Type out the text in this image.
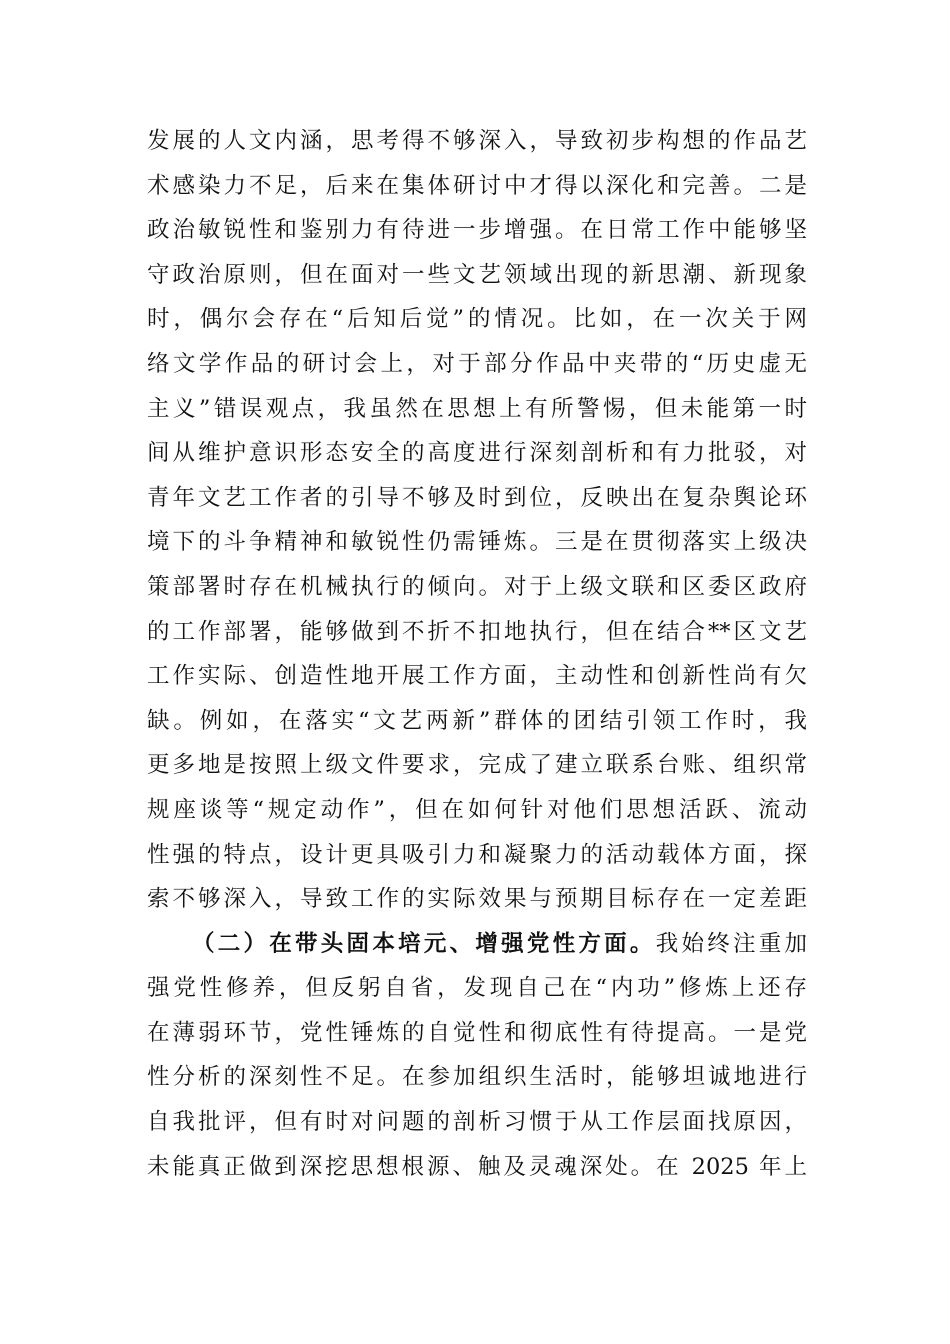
发展的人文内涵，思考得不够深入，导致初步构想的作品艺
术感染力不足，后来在集体研讨中才得以深化和完善。二是
政治敏锐性和鉴别力有待进一步增强。在日常工作中能够坚
守政治原则，但在面对一些文艺领域出现的新思潮、新现象
时，偶尔会存在“后知后觉”的情况。比如，在一次关于网
络文学作品的研讨会上，对于部分作品中夹带的“历史虚无
主义”错误观点，我虽然在思想上有所警惕，但未能第一时
间从维护意识形态安全的高度进行深刻剖析和有力批驳，对
青年文艺工作者的引导不够及时到位，反映出在复杂舆论环
境下的斗争精神和敏锐性仍需锤炼。三是在贯彻落实上级决
策部署时存在机械执行的倾向。对于上级文联和区委区政府
的工作部署，能够做到不折不扣地执行，但在结合**区文艺
工作实际、创造性地开展工作方面，主动性和创新性尚有欠
缺。例如，在落实“文艺两新”群体的团结引领工作时，我
更多地是按照上级文件要求，完成了建立联系台账、组织常
规座谈等“规定动作”，但在如何针对他们思想活跃、流动
性强的特点，设计更具吸引力和凝聚力的活动载体方面，探
索不够深入，导致工作的实际效果与预期目标存在一定差距
（二）在带头固本培元、增强党性方面。我始终注重加
强党性修养，但反躬自省，发现自己在“内功”修炼上还存
在薄弱环节，党性锤炼的自觉性和彻底性有待提高。一是党
性分析的深刻性不足。在参加组织生活时，能够坦诚地进行
自我批评，但有时对问题的剖析习惯于从工作层面找原因，
未能真正做到深挖思想根源、触及灵魂深处。在 2025 年上
